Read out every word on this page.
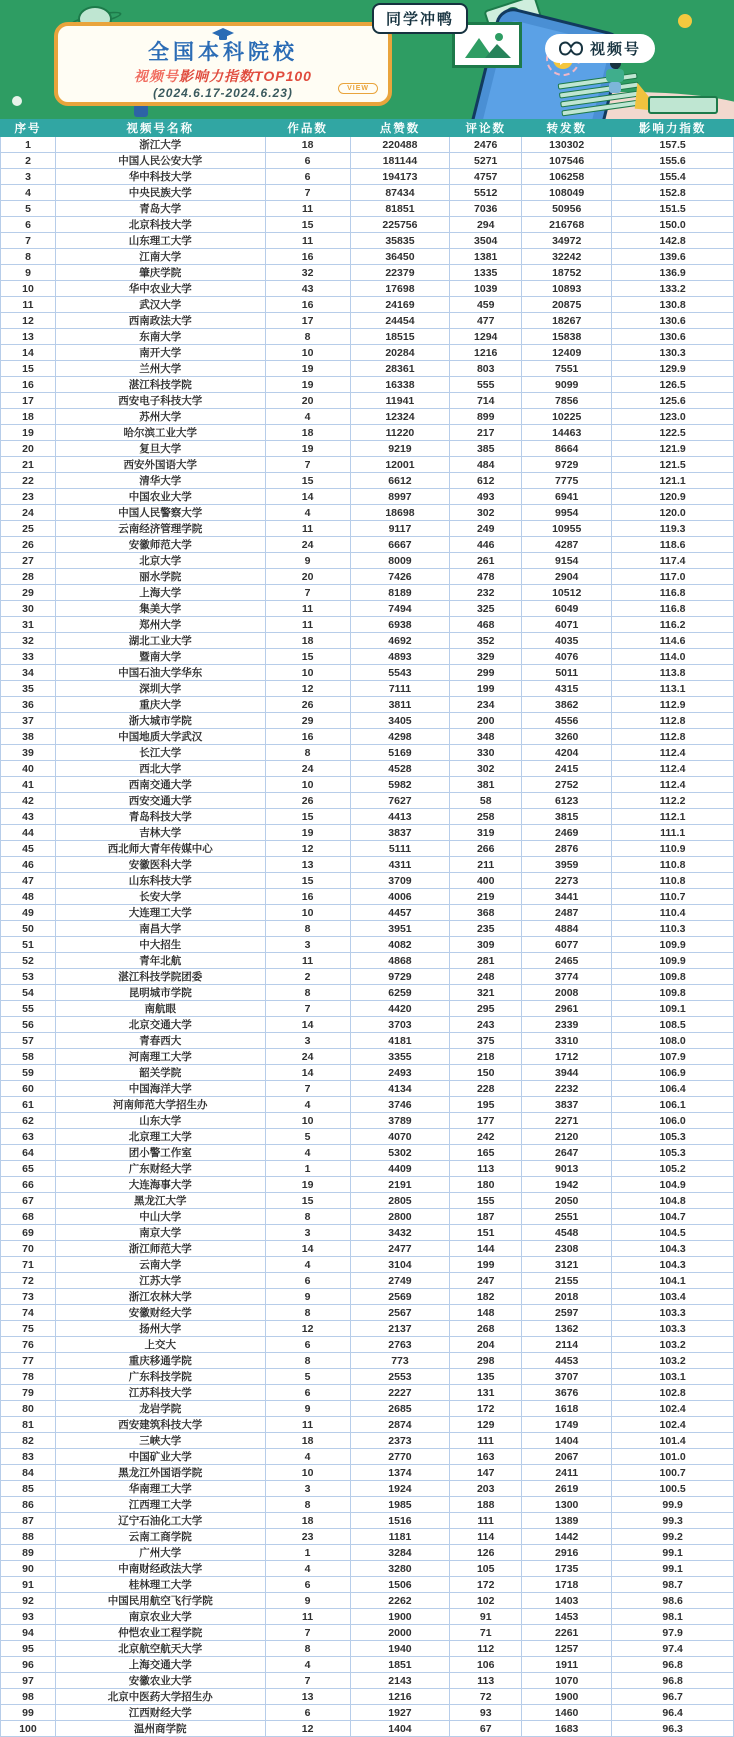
全国本科院校
视频号影响力指数TOP100
(2024.6.17-2024.6.23)	VIEW
同学冲鸭
视频号
序号	视频号名称	作品数	点赞数	评论数	转发数	影响力指数
1	浙江大学	18	220488	2476	130302	157.5
2	中国人民公安大学	6	181144	5271	107546	155.6
3	华中科技大学	6	194173	4757	106258	155.4
4	中央民族大学	7	87434	5512	108049	152.8
5	青岛大学	11	81851	7036	50956	151.5
6	北京科技大学	15	225756	294	216768	150.0
7	山东理工大学	11	35835	3504	34972	142.8
8	江南大学	16	36450	1381	32242	139.6
9	肇庆学院	32	22379	1335	18752	136.9
10	华中农业大学	43	17698	1039	10893	133.2
11	武汉大学	16	24169	459	20875	130.8
12	西南政法大学	17	24454	477	18267	130.6
13	东南大学	8	18515	1294	15838	130.6
14	南开大学	10	20284	1216	12409	130.3
15	兰州大学	19	28361	803	7551	129.9
16	湛江科技学院	19	16338	555	9099	126.5
17	西安电子科技大学	20	11941	714	7856	125.6
18	苏州大学	4	12324	899	10225	123.0
19	哈尔滨工业大学	18	11220	217	14463	122.5
20	复旦大学	19	9219	385	8664	121.9
21	西安外国语大学	7	12001	484	9729	121.5
22	清华大学	15	6612	612	7775	121.1
23	中国农业大学	14	8997	493	6941	120.9
24	中国人民警察大学	4	18698	302	9954	120.0
25	云南经济管理学院	11	9117	249	10955	119.3
26	安徽师范大学	24	6667	446	4287	118.6
27	北京大学	9	8009	261	9154	117.4
28	丽水学院	20	7426	478	2904	117.0
29	上海大学	7	8189	232	10512	116.8
30	集美大学	11	7494	325	6049	116.8
31	郑州大学	11	6938	468	4071	116.2
32	湖北工业大学	18	4692	352	4035	114.6
33	暨南大学	15	4893	329	4076	114.0
34	中国石油大学华东	10	5543	299	5011	113.8
35	深圳大学	12	7111	199	4315	113.1
36	重庆大学	26	3811	234	3862	112.9
37	浙大城市学院	29	3405	200	4556	112.8
38	中国地质大学武汉	16	4298	348	3260	112.8
39	长江大学	8	5169	330	4204	112.4
40	西北大学	24	4528	302	2415	112.4
41	西南交通大学	10	5982	381	2752	112.4
42	西安交通大学	26	7627	58	6123	112.2
43	青岛科技大学	15	4413	258	3815	112.1
44	吉林大学	19	3837	319	2469	111.1
45	西北师大青年传媒中心	12	5111	266	2876	110.9
46	安徽医科大学	13	4311	211	3959	110.8
47	山东科技大学	15	3709	400	2273	110.8
48	长安大学	16	4006	219	3441	110.7
49	大连理工大学	10	4457	368	2487	110.4
50	南昌大学	8	3951	235	4884	110.3
51	中大招生	3	4082	309	6077	109.9
52	青年北航	11	4868	281	2465	109.9
53	湛江科技学院团委	2	9729	248	3774	109.8
54	昆明城市学院	8	6259	321	2008	109.8
55	南航眼	7	4420	295	2961	109.1
56	北京交通大学	14	3703	243	2339	108.5
57	青春西大	3	4181	375	3310	108.0
58	河南理工大学	24	3355	218	1712	107.9
59	韶关学院	14	2493	150	3944	106.9
60	中国海洋大学	7	4134	228	2232	106.4
61	河南师范大学招生办	4	3746	195	3837	106.1
62	山东大学	10	3789	177	2271	106.0
63	北京理工大学	5	4070	242	2120	105.3
64	团小警工作室	4	5302	165	2647	105.3
65	广东财经大学	1	4409	113	9013	105.2
66	大连海事大学	19	2191	180	1942	104.9
67	黑龙江大学	15	2805	155	2050	104.8
68	中山大学	8	2800	187	2551	104.7
69	南京大学	3	3432	151	4548	104.5
70	浙江师范大学	14	2477	144	2308	104.3
71	云南大学	4	3104	199	3121	104.3
72	江苏大学	6	2749	247	2155	104.1
73	浙江农林大学	9	2569	182	2018	103.4
74	安徽财经大学	8	2567	148	2597	103.3
75	扬州大学	12	2137	268	1362	103.3
76	上交大	6	2763	204	2114	103.2
77	重庆移通学院	8	773	298	4453	103.2
78	广东科技学院	5	2553	135	3707	103.1
79	江苏科技大学	6	2227	131	3676	102.8
80	龙岩学院	9	2685	172	1618	102.4
81	西安建筑科技大学	11	2874	129	1749	102.4
82	三峡大学	18	2373	111	1404	101.4
83	中国矿业大学	4	2770	163	2067	101.0
84	黑龙江外国语学院	10	1374	147	2411	100.7
85	华南理工大学	3	1924	203	2619	100.5
86	江西理工大学	8	1985	188	1300	99.9
87	辽宁石油化工大学	18	1516	111	1389	99.3
88	云南工商学院	23	1181	114	1442	99.2
89	广州大学	1	3284	126	2916	99.1
90	中南财经政法大学	4	3280	105	1735	99.1
91	桂林理工大学	6	1506	172	1718	98.7
92	中国民用航空飞行学院	9	2262	102	1403	98.6
93	南京农业大学	11	1900	91	1453	98.1
94	仲恺农业工程学院	7	2000	71	2261	97.9
95	北京航空航天大学	8	1940	112	1257	97.4
96	上海交通大学	4	1851	106	1911	96.8
97	安徽农业大学	7	2143	113	1070	96.8
98	北京中医药大学招生办	13	1216	72	1900	96.7
99	江西财经大学	6	1927	93	1460	96.4
100	温州商学院	12	1404	67	1683	96.3
